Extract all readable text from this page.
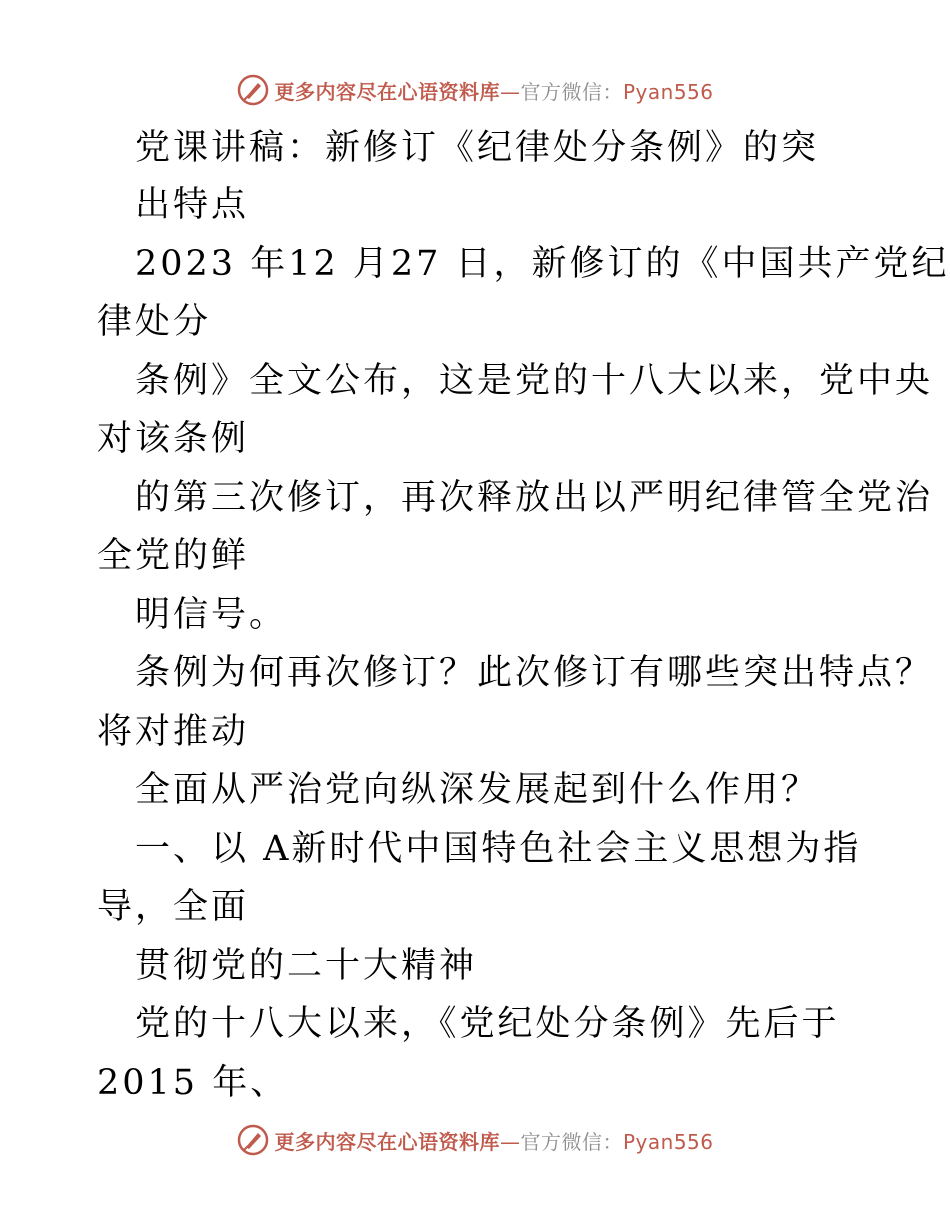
更多内容尽在心语资料库—官方微信：Pyan556
党课讲稿：新修订《纪律处分条例》的突
出特点
2023 年12 月27 日，新修订的《中国共产党纪
律处分
条例》全文公布，这是党的十八大以来，党中央
对该条例
的第三次修订，再次释放出以严明纪律管全党治
全党的鲜
明信号。
条例为何再次修订？此次修订有哪些突出特点？
将对推动
全面从严治党向纵深发展起到什么作用？
一、以 A新时代中国特色社会主义思想为指
导，全面
贯彻党的二十大精神
党的十八大以来，《党纪处分条例》先后于
2015 年、
更多内容尽在心语资料库—官方微信：Pyan556
